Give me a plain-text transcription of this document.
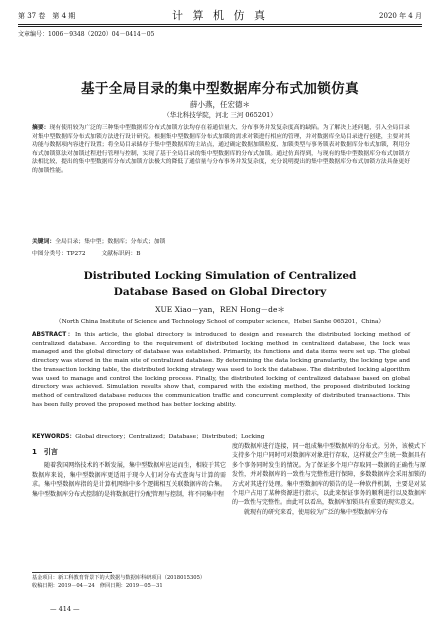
第 37 卷　第 4 期	计 算 机 仿 真	2020 年 4 月
文章编号：1006－9348（2020）04－0414－05
基于全局目录的集中型数据库分布式加锁仿真
薛小燕，任宏德＊
（华北科技学院，河北 三河 065201）
摘要：现有使用较为广泛的三种集中型数据库分布式加锁方法均存在着通信量大、分布事务并发复杂度高的缺陷。为了解决上述问题，引入全局目录对集中型数据库分布式加锁方法进行设计研究。根据集中型数据库分布式加锁的需求对锁进行相应的管理，并对数据库全局目录进行创建，主要对其功能与数据项内容进行设置；将全局目录储存于集中型数据库的主站点，通过确定数据加锁粒度、加锁类型与事务锁表对数据库分布式加锁，利用分布式加锁算法对加锁过程进行管理与控制，实现了基于全局目录的集中型数据库的分布式加锁。通过仿真得到，与现有的集中型数据库分布式加锁方法相比较，提出的集中型数据库分布式加锁方法极大的降低了通信量与分布事务并发复杂度，充分说明提出的集中型数据库分布式加锁方法具备更好的加锁性能。
关键词：全局目录；集中型；数据库；分布式；加锁
中图分类号：TP272	文献标识码：B
Distributed Locking Simulation of Centralized
Database Based on Global Directory
XUE Xiao－yan，REN Hong－de＊
（North China Institute of Science and Technology School of computer science，Hebei Sanhe 065201，China）
ABSTRACT：In this article, the global directory is introduced to design and research the distributed locking method of centralized database. According to the requirement of distributed locking method in centralized database, the lock was managed and the global directory of database was established. Primarily, its functions and data items were set up. The global directory was stored in the main site of centralized database. By determining the data locking granularity, the locking type and the transaction locking table, the distributed locking strategy was used to lock the database. The distributed locking algorithm was used to manage and control the locking process. Finally, the distributed locking of centralized database based on global directory was achieved. Simulation results show that, compared with the existing method, the proposed distributed locking method of centralized database reduces the communication traffic and concurrent complexity of distributed transactions. This has been fully proved the proposed method has better locking ability.
KEYWORDS：Global directory；Centralized；Database；Distributed；Locking
1　引言
随着我国网络技术的不断发展，集中型数据库应运而生，相较于其它数据库来说，集中型数据库更适用于现今人们对分布式查询与计算的需求。集中型数据库指的是计算机网络中多个逻辑相互关联数据库的合集。集中型数据库分布式控制的是将数据进行分配管理与控制，将不同集中程
度的数据库进行连接，同一组成集中型数据库的分布式。另外，该模式下支持多个用户同时可对数据库对象进行存取，这样就会产生统一数据具有多个事务同时发生的情况。为了保证多个用户存取同一数据的正确性与原发性，并对数据库的一致性与完整性进行保障，多数数据库会采用加锁的方式对其进行处理。集中型数据库的锁告的是一种软件机制，主要是对某个用户占用了某种资源进行指示，以此来保证事务的顺利进行以及数据库的一致性与完整性。由此可以看出，数据库加锁具有重要的现实意义。
就现有的研究来看，使用较为广泛的集中型数据库分布
基金项目：新工科教育背景下的大数据与数据库科研项目（2018015305）
收稿日期：2019－04－24　修回日期：2019－05－31
— 414 —
